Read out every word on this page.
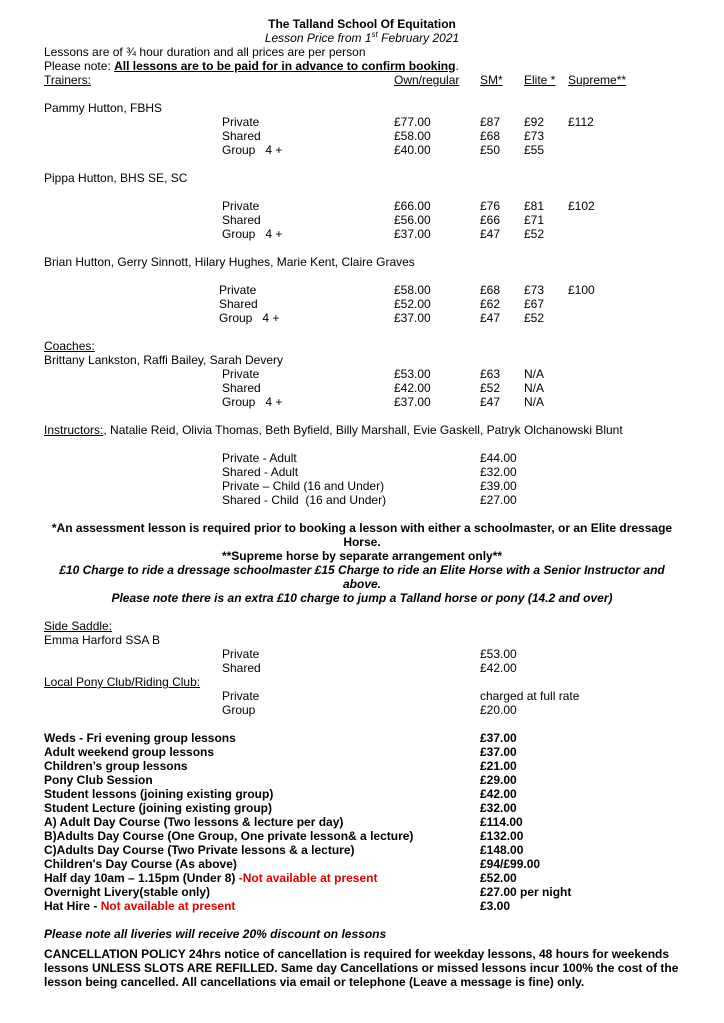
The Talland School Of Equitation
Lesson Price from 1st February 2021
Lessons are of ¾ hour duration and all prices are per person
Please note: All lessons are to be paid for in advance to confirm booking.
Trainers:	Own/regular SM* Elite * Supreme**
Pammy Hutton, FBHS
Private	£77.00	£87 £92 £112
Shared	£58.00	£68 £73
Group   4 +	£40.00	£50 £55
Pippa Hutton, BHS SE, SC
Private	£66.00	£76 £81 £102
Shared	£56.00	£66 £71
Group   4 +	£37.00	£47 £52
Brian Hutton, Gerry Sinnott, Hilary Hughes, Marie Kent, Claire Graves
Private	£58.00	£68 £73 £100
Shared	£52.00	£62 £67
Group   4 +	£37.00	£47 £52
Coaches:
Brittany Lankston, Raffi Bailey, Sarah Devery
Private	£53.00	£63 N/A
Shared	£42.00	£52 N/A
Group   4 +	£37.00	£47 N/A
Instructors:, Natalie Reid, Olivia Thomas, Beth Byfield, Billy Marshall, Evie Gaskell, Patryk Olchanowski Blunt
Private - Adult	£44.00
Shared - Adult	£32.00
Private – Child (16 and Under)	£39.00
Shared - Child  (16 and Under)	£27.00
*An assessment lesson is required prior to booking a lesson with either a schoolmaster, or an Elite dressage Horse.
**Supreme horse by separate arrangement only**
£10 Charge to ride a dressage schoolmaster £15 Charge to ride an Elite Horse with a Senior Instructor and above.
Please note there is an extra £10 charge to jump a Talland horse or pony (14.2 and over)
Side Saddle:
Emma Harford SSA B
Private	£53.00
Shared	£42.00
Local Pony Club/Riding Club:
Private	charged at full rate
Group	£20.00
Weds - Fri evening group lessons	£37.00
Adult weekend group lessons	£37.00
Children’s group lessons	£21.00
Pony Club Session	£29.00
Student lessons (joining existing group)	£42.00
Student Lecture (joining existing group)	£32.00
A) Adult Day Course (Two lessons & lecture per day)	£114.00
B)Adults Day Course (One Group, One private lesson& a lecture)	£132.00
C)Adults Day Course (Two Private lessons & a lecture)	£148.00
Children's Day Course (As above)	£94/£99.00
Half day 10am – 1.15pm (Under 8) -Not available at present	£52.00
Overnight Livery(stable only)	£27.00 per night
Hat Hire - Not available at present	£3.00
Please note all liveries will receive 20% discount on lessons
CANCELLATION POLICY 24hrs notice of cancellation is required for weekday lessons, 48 hours for weekends lessons UNLESS SLOTS ARE REFILLED. Same day Cancellations or missed lessons incur 100% the cost of the lesson being cancelled. All cancellations via email or telephone (Leave a message is fine) only.
